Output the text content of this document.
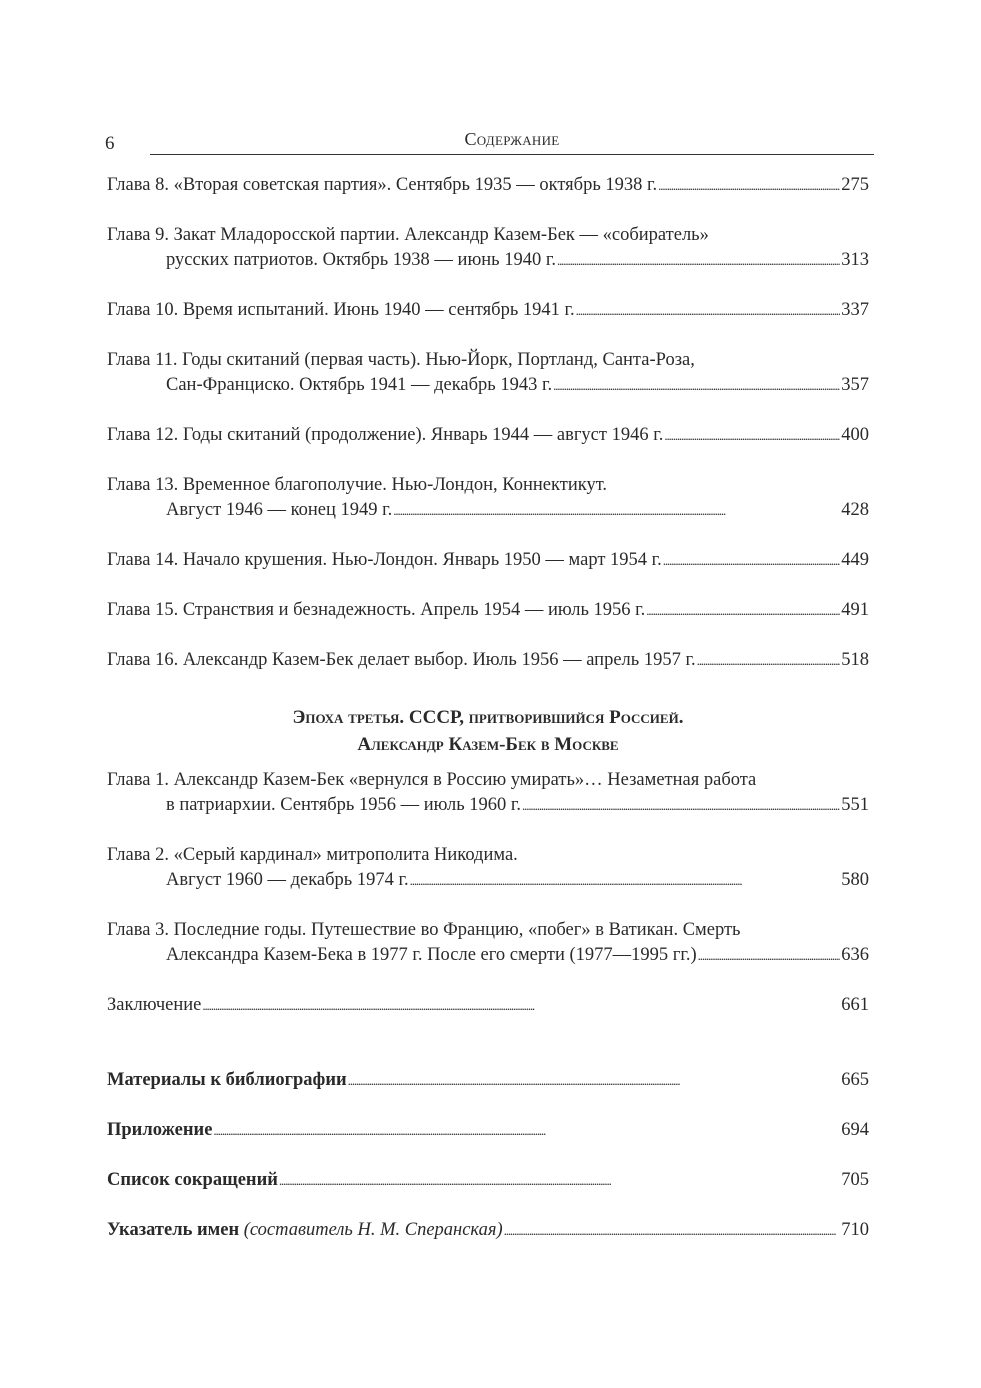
6	Содержание
Глава 8. «Вторая советская партия». Сентябрь 1935 — октябрь 1938 г. . . .	275
Глава 9. Закат Младоросской партии. Александр Казем-Бек — «собиратель»
русских патриотов. Октябрь 1938 — июнь 1940 г. . . .	313
Глава 10. Время испытаний. Июнь 1940 — сентябрь 1941 г. . . .	337
Глава 11. Годы скитаний (первая часть). Нью-Йорк, Портланд, Санта-Роза,
Сан-Франциско. Октябрь 1941 — декабрь 1943 г. . . .	357
Глава 12. Годы скитаний (продолжение). Январь 1944 — август 1946 г. . . .	400
Глава 13. Временное благополучие. Нью-Лондон, Коннектикут.
Август 1946 — конец 1949 г. . . .	428
Глава 14. Начало крушения. Нью-Лондон. Январь 1950 — март 1954 г. . . .	449
Глава 15. Странствия и безнадежность. Апрель 1954 — июль 1956 г. . . .	491
Глава 16. Александр Казем-Бек делает выбор. Июль 1956 — апрель 1957 г. . . .	518
Эпоха третья. СССР, притворившийся Россией.
Александр Казем-Бек в Москве
Глава 1. Александр Казем-Бек «вернулся в Россию умирать»… Незаметная работа
в патриархии. Сентябрь 1956 — июль 1960 г. . . .	551
Глава 2. «Серый кардинал» митрополита Никодима.
Август 1960 — декабрь 1974 г. . . .	580
Глава 3. Последние годы. Путешествие во Францию, «побег» в Ватикан. Смерть
Александра Казем-Бека в 1977 г. После его смерти (1977—1995 гг.) . . .	636
Заключение . . .	661
Материалы к библиографии . . .	665
Приложение . . .	694
Список сокращений . . .	705
Указатель имен
(составитель Н. М. Сперанская) . . .	710
